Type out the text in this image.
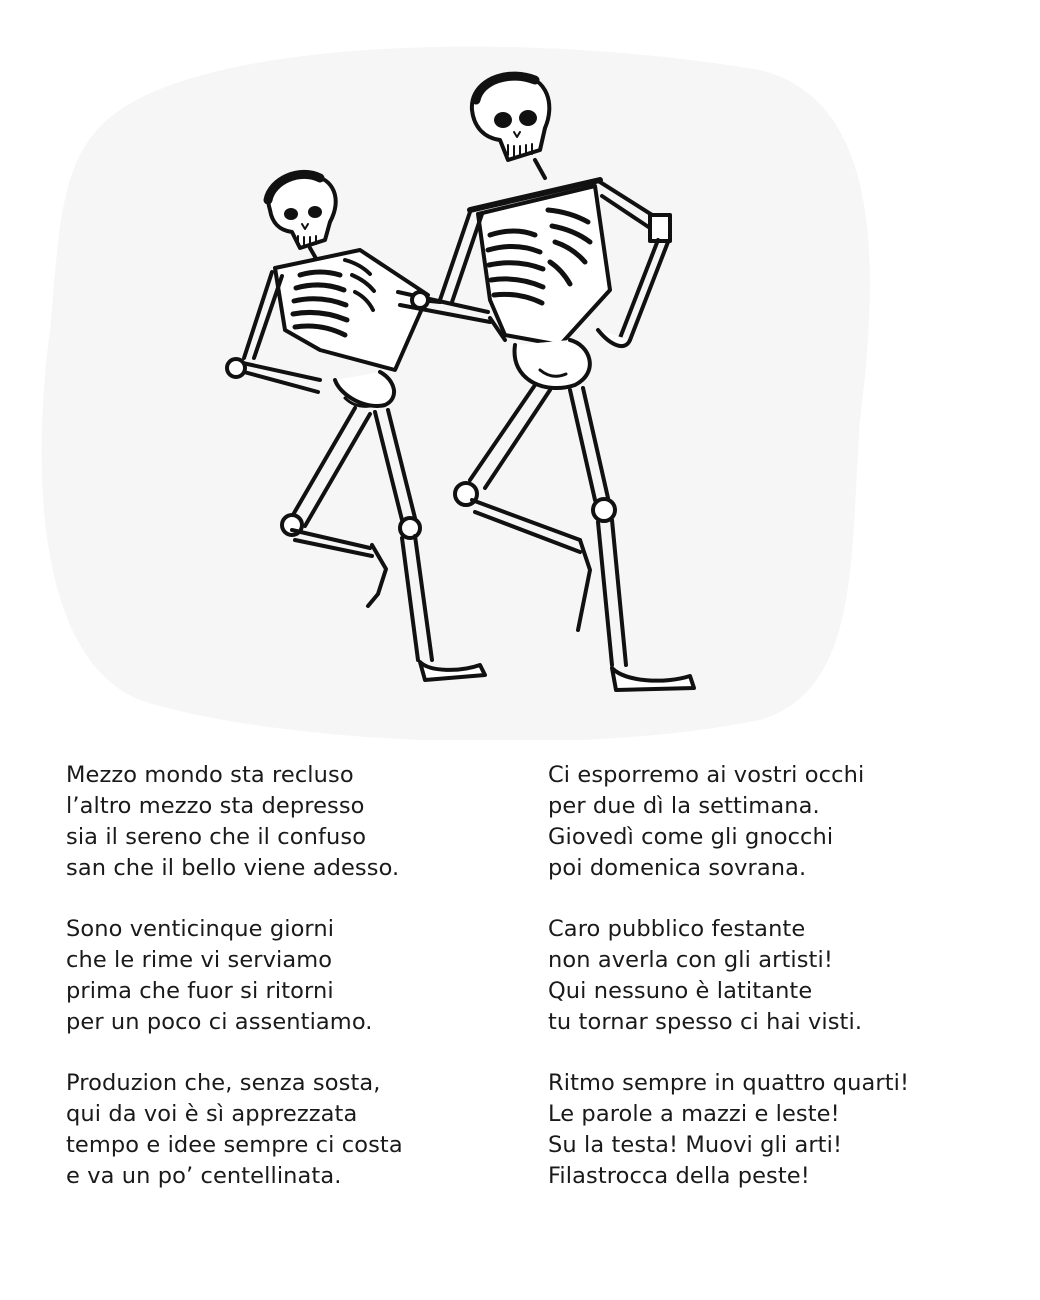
Mezzo mondo sta recluso
l’altro mezzo sta depresso
sia il sereno che il confuso
san che il bello viene adesso.
Sono venticinque giorni
che le rime vi serviamo
prima che fuor si ritorni
per un poco ci assentiamo.
Produzion che, senza sosta,
qui da voi è sì apprezzata
tempo e idee sempre ci costa
e va un po’ centellinata.
Ci esporremo ai vostri occhi
per due dì la settimana.
Giovedì come gli gnocchi
poi domenica sovrana.
Caro pubblico festante
non averla con gli artisti!
Qui nessuno è latitante
tu tornar spesso ci hai visti.
Ritmo sempre in quattro quarti!
Le parole a mazzi e leste!
Su la testa! Muovi gli arti!
Filastrocca della peste!
